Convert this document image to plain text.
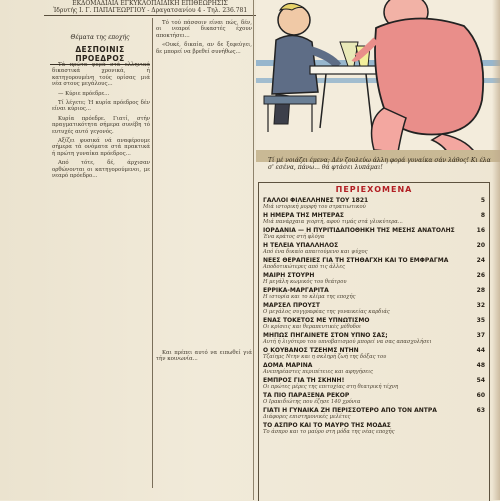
ΕΚΔΟΜΑΔΙΑΙΑ ΕΓΚΥΚΛΟΠΑΙΔΙΚΗ ΕΠΙΘΕΩΡΗΣΙΣ
Ίδρυτής Ι. Γ. ΠΑΠΑΓΕΩΡΓΙΟΥ - Δραγατσανίου 4 - Τηλ. 236.781
Θέματα της εποχής
ΔΕΣΠΟΙΝΙΣ ΠΡΟΕΔΡΟΣ

Τά πρώτα φορά στά ελληνικά δικαστικά χρονικά, ή κατηγορουμένη τούς ορίσας μιά νέα στους μεγάλους...

— Κύριε πρόεδρε...

Τί λέγετε; Ή κυρία πρόεδρος δέν είναι κύριος...

Κυρία πρόεδρε. Γιατί, στήν πραγματικότητα σήμερα συνέβη τό ευτυχές αυτό γεγονός.

Αξίζει φυσικά νά αναφέρουμε σήμερα τά ονόματα στά πρακτικά ή πρώτη γυναίκα πρόεδρος...

Από τότε, δέ, άρχισαν ορθώνονται οι κατηγορούμενοι, με νεαρό πρόεδρο...

Τό τού πάσσοιν είναι πώς, δέν, οι νεαροί δικαστές έχουν αποκτήσει...

«Ουκέ, δικαία, αν δε ξεφεύγει, δε μπορεί να βρεθεί συνήθως...

Και πρέπει αυτό να ειπωθεί γιά τήν κοινωνία...

Τί μέ νοιάζει έμενα; Δέν ζουλεύω άλλη φορά γυναίκα σάν λάθος! Κι έλα σ' εσένα, πάνω... θά φτάσει λυπάμαι!
ΠΕΡΙΕΧΟΜΕΝΑ
ΓΑΛΛΟΙ ΦΙΛΕΛΛΗΝΕΣ ΤΟΥ 1821
Μιά ιστορική μορφή του στρατιωτικού
5
Η ΗΜΕΡΑ ΤΗΣ ΜΗΤΕΡΑΣ
Μιά πανάρχαια γιορτή, αφού τιμάς στά γλυκύτερα...
8
ΙΟΡΔΑΝΙΑ — Η ΠΥΡΙΤΙΔΑΠΟΘΗΚΗ ΤΗΣ ΜΕΣΗΣ ΑΝΑΤΟΛΗΣ
Ένα κράτος στή φλόγα
16
Η ΤΕΛΕΙΑ ΥΠΑΛΛΗΛΟΣ
Από ένα δικαίο απαιτούμενο και ψύχος
20
ΝΕΕΣ ΘΕΡΑΠΕΙΕΣ ΓΙΑ ΤΗ ΣΤΗΘΑΓΧΗ ΚΑΙ ΤΟ ΕΜΦΡΑΓΜΑ
Αποδοτικώτερες από τις άλλες
24
ΜΑΙΡΗ ΣΤΟΥΡΗ
Η μεγάλη κωμικός του θεάτρου
26
ΕΡΡΙΚΑ-ΜΑΡΓΑΡΙΤΑ
Η ιστορία και το κλίμα της εποχής
28
ΜΑΡΣΕΛ ΠΡΟΥΣΤ
Ο μεγάλος συγγραφέας της γυναικείας καρδιάς
32
ΕΝΑΣ ΤΟΚΕΤΟΣ ΜΕ ΥΠΝΩΤΙΣΜΟ
Οι κρίσεις και θεραπευτικές μέθοδοι
35
ΜΗΠΩΣ ΠΗΓΑΙΝΕΤΕ ΣΤΟΝ ΥΠΝΟ ΣΑΣ;
Αυτή ή λιγότερο του υπνοβατισμού μπορεί να σας απασχολήσει
37
Ο ΚΟΥΒΑΝΟΣ ΤΖΕΗΜΣ ΝΤΗΝ
Τζαίημς Ντην και η σκληρή ζωή της δόξας του
44
ΔΟΜΑ ΜΑΡΙΝΑ
Ανεπηρέαστες περιπέτειες και αφηγήσεις
48
ΕΜΠΡΟΣ ΓΙΑ ΤΗ ΣΚΗΝΗ!
Οι πρώτες μέρες της επιτυχίας στη θεατρική τέχνη
54
ΤΑ ΠΙΟ ΠΑΡΑΞΕΝΑ ΡΕΚΟΡ
Ο Ιρακιδιώτης που έζησε 140 χρόνια
60
ΓΙΑΤΙ Η ΓΥΝΑΙΚΑ ΖΗ ΠΕΡΙΣΣΟΤΕΡΟ ΑΠΟ ΤΟΝ ΑΝΤΡΑ
Διάφορες επιστημονικές μελέτες
63
ΤΟ ΑΣΠΡΟ ΚΑΙ ΤΟ ΜΑΥΡΟ ΤΗΣ ΜΟΔΑΣ
Το άσπρο και το μαύρο στη μόδα της νέας εποχής
